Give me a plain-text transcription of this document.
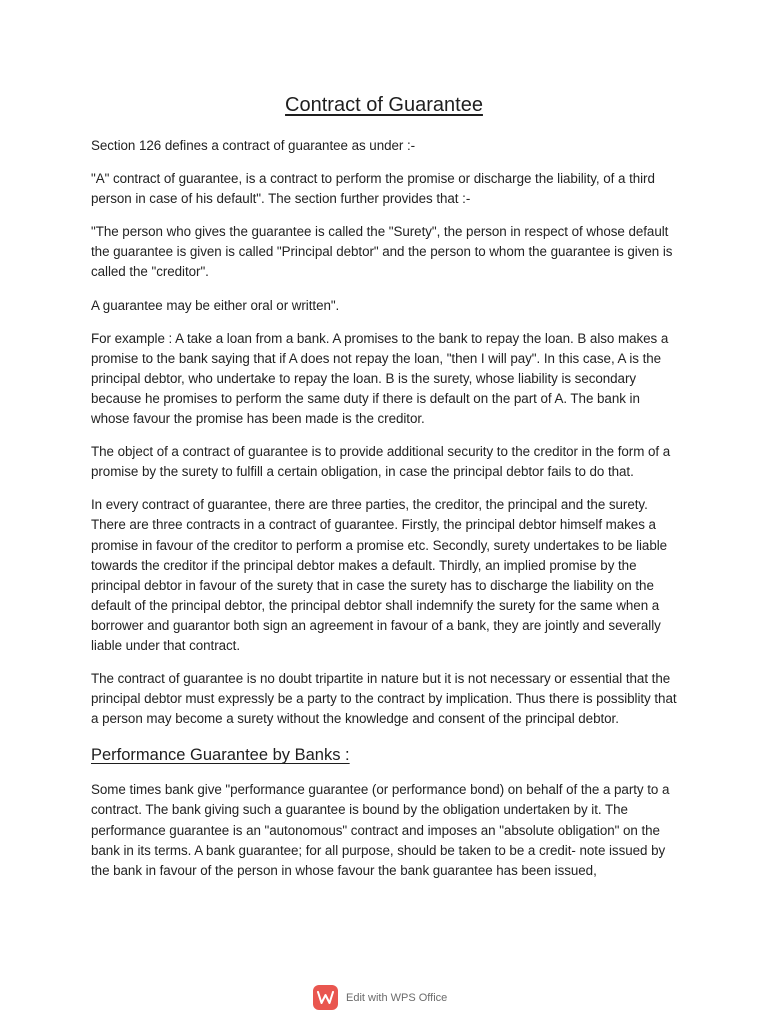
Contract of Guarantee

Section 126 defines a contract of guarantee as under :-

"A" contract of guarantee, is a contract to perform the promise or discharge the liability, of a third person in case of his default". The section further provides that :-

"The person who gives the guarantee is called the "Surety", the person in respect of whose default the guarantee is given is called "Principal debtor" and the person to whom the guarantee is given is called the "creditor".

A guarantee may be either oral or written".

For example : A take a loan from a bank. A promises to the bank to repay the loan. B also makes a promise to the bank saying that if A does not repay the loan, "then I will pay". In this case, A is the principal debtor, who undertake to repay the loan. B is the surety, whose liability is secondary because he promises to perform the same duty if there is default on the part of A. The bank in whose favour the promise has been made is the creditor.

The object of a contract of guarantee is to provide additional security to the creditor in the form of a promise by the surety to fulfill a certain obligation, in case the principal debtor fails to do that.

In every contract of guarantee, there are three parties, the creditor, the principal and the surety. There are three contracts in a contract of guarantee. Firstly, the principal debtor himself makes a promise in favour of the creditor to perform a promise etc. Secondly, surety undertakes to be liable towards the creditor if the principal debtor makes a default. Thirdly, an implied promise by the principal debtor in favour of the surety that in case the surety has to discharge the liability on the default of the principal debtor, the principal debtor shall indemnify the surety for the same when a borrower and guarantor both sign an agreement in favour of a bank, they are jointly and severally liable under that contract.

The contract of guarantee is no doubt tripartite in nature but it is not necessary or essential that the principal debtor must expressly be a party to the contract by implication. Thus there is possiblity that a person may become a surety without the knowledge and consent of the principal debtor.

Performance Guarantee by Banks :

Some times bank give "performance guarantee (or performance bond) on behalf of the a party to a contract. The bank giving such a guarantee is bound by the obligation undertaken by it. The performance guarantee is an "autonomous" contract and imposes an "absolute obligation" on the bank in its terms. A bank guarantee; for all purpose, should be taken to be a credit- note issued by the bank in favour of the person in whose favour the bank guarantee has been issued,

Edit with WPS Office
